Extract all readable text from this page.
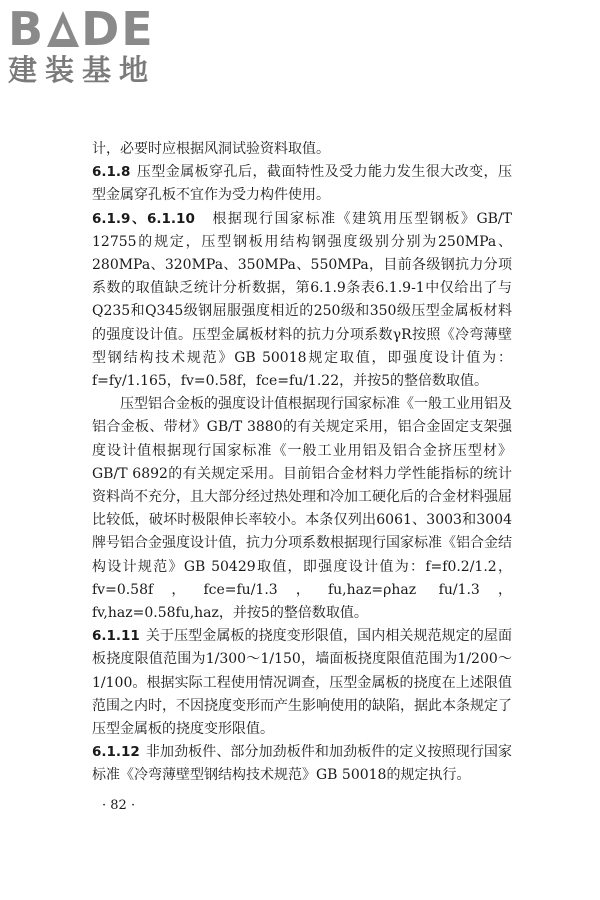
B DE
建装基地

计，必要时应根据风洞试验资料取值。

6.1.8 压型金属板穿孔后，截面特性及受力能力发生很大改变，压型金属穿孔板不宜作为受力构件使用。

6.1.9、6.1.10 根据现行国家标准《建筑用压型钢板》GB/T 12755的规定，压型钢板用结构钢强度级别分别为250MPa、280MPa、320MPa、350MPa、550MPa，目前各级钢抗力分项系数的取值缺乏统计分析数据，第6.1.9条表6.1.9-1中仅给出了与Q235和Q345级钢屈服强度相近的250级和350级压型金属板材料的强度设计值。压型金属板材料的抗力分项系数γR按照《冷弯薄壁型钢结构技术规范》GB 50018规定取值，即强度设计值为：f=fy/1.165，fv=0.58f，fce=fu/1.22，并按5的整倍数取值。

压型铝合金板的强度设计值根据现行国家标准《一般工业用铝及铝合金板、带材》GB/T 3880的有关规定采用，铝合金固定支架强度设计值根据现行国家标准《一般工业用铝及铝合金挤压型材》GB/T 6892的有关规定采用。目前铝合金材料力学性能指标的统计资料尚不充分，且大部分经过热处理和冷加工硬化后的合金材料强屈比较低，破坏时极限伸长率较小。本条仅列出6061、3003和3004牌号铝合金强度设计值，抗力分项系数根据现行国家标准《铝合金结构设计规范》GB 50429取值，即强度设计值为：f=f0.2/1.2，fv=0.58f，fce=fu/1.3，fu,haz=ρhaz fu/1.3，fv,haz=0.58fu,haz，并按5的整倍数取值。

6.1.11 关于压型金属板的挠度变形限值，国内相关规范规定的屋面板挠度限值范围为1/300～1/150，墙面板挠度限值范围为1/200～1/100。根据实际工程使用情况调查，压型金属板的挠度在上述限值范围之内时，不因挠度变形而产生影响使用的缺陷，据此本条规定了压型金属板的挠度变形限值。

6.1.12 非加劲板件、部分加劲板件和加劲板件的定义按照现行国家标准《冷弯薄壁型钢结构技术规范》GB 50018的规定执行。

· 82 ·
